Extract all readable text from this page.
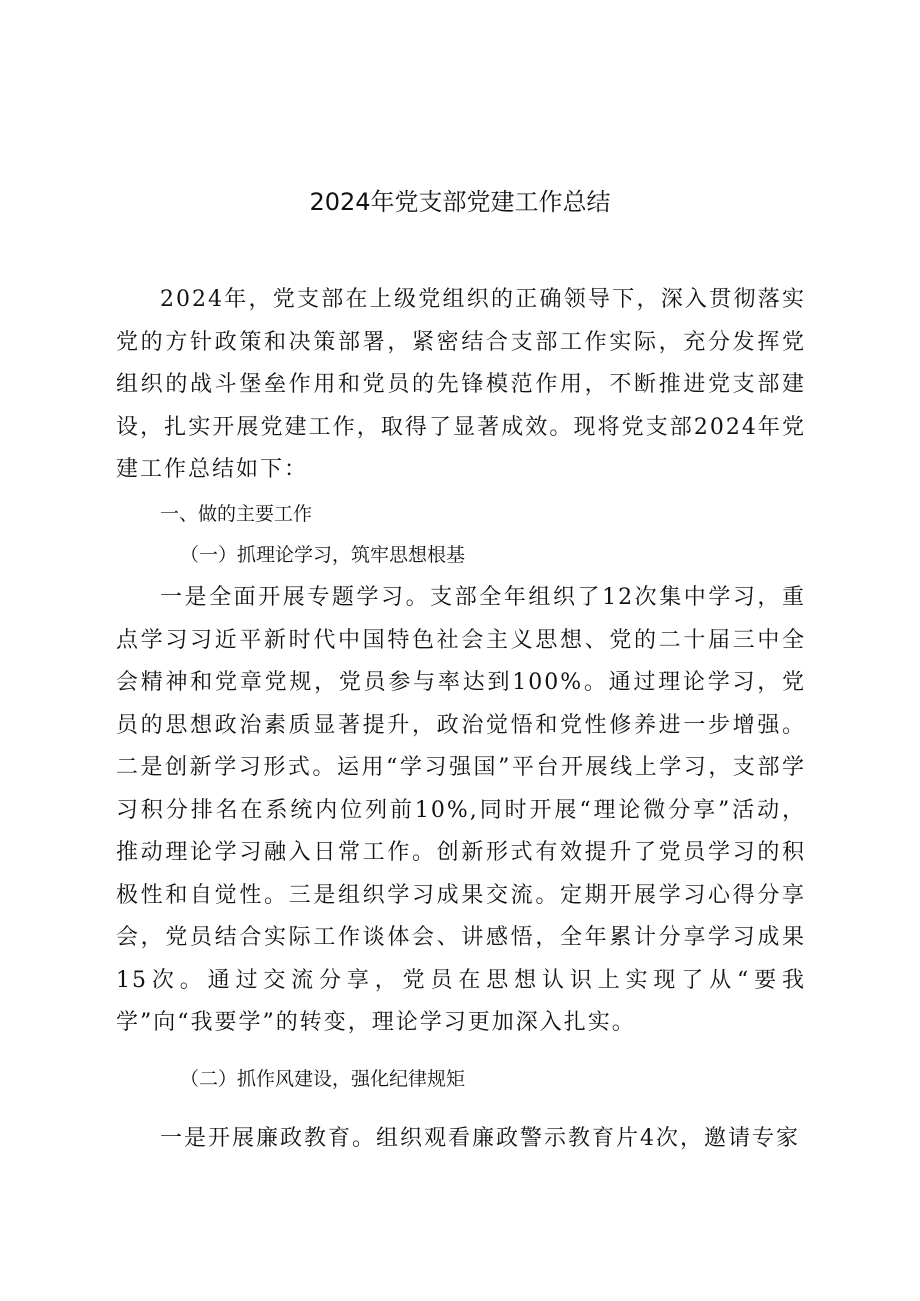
2024年党支部党建工作总结

2024年，党支部在上级党组织的正确领导下，深入贯彻落实党的方针政策和决策部署，紧密结合支部工作实际，充分发挥党组织的战斗堡垒作用和党员的先锋模范作用，不断推进党支部建设，扎实开展党建工作，取得了显著成效。现将党支部2024年党建工作总结如下：

一、做的主要工作

（一）抓理论学习，筑牢思想根基

一是全面开展专题学习。支部全年组织了12次集中学习，重点学习习近平新时代中国特色社会主义思想、党的二十届三中全会精神和党章党规，党员参与率达到100%。通过理论学习，党员的思想政治素质显著提升，政治觉悟和党性修养进一步增强。二是创新学习形式。运用“学习强国”平台开展线上学习，支部学习积分排名在系统内位列前10%,同时开展“理论微分享”活动，推动理论学习融入日常工作。创新形式有效提升了党员学习的积极性和自觉性。三是组织学习成果交流。定期开展学习心得分享会，党员结合实际工作谈体会、讲感悟，全年累计分享学习成果15次。通过交流分享，党员在思想认识上实现了从“要我学”向“我要学”的转变，理论学习更加深入扎实。

（二）抓作风建设，强化纪律规矩

一是开展廉政教育。组织观看廉政警示教育片4次，邀请专家
